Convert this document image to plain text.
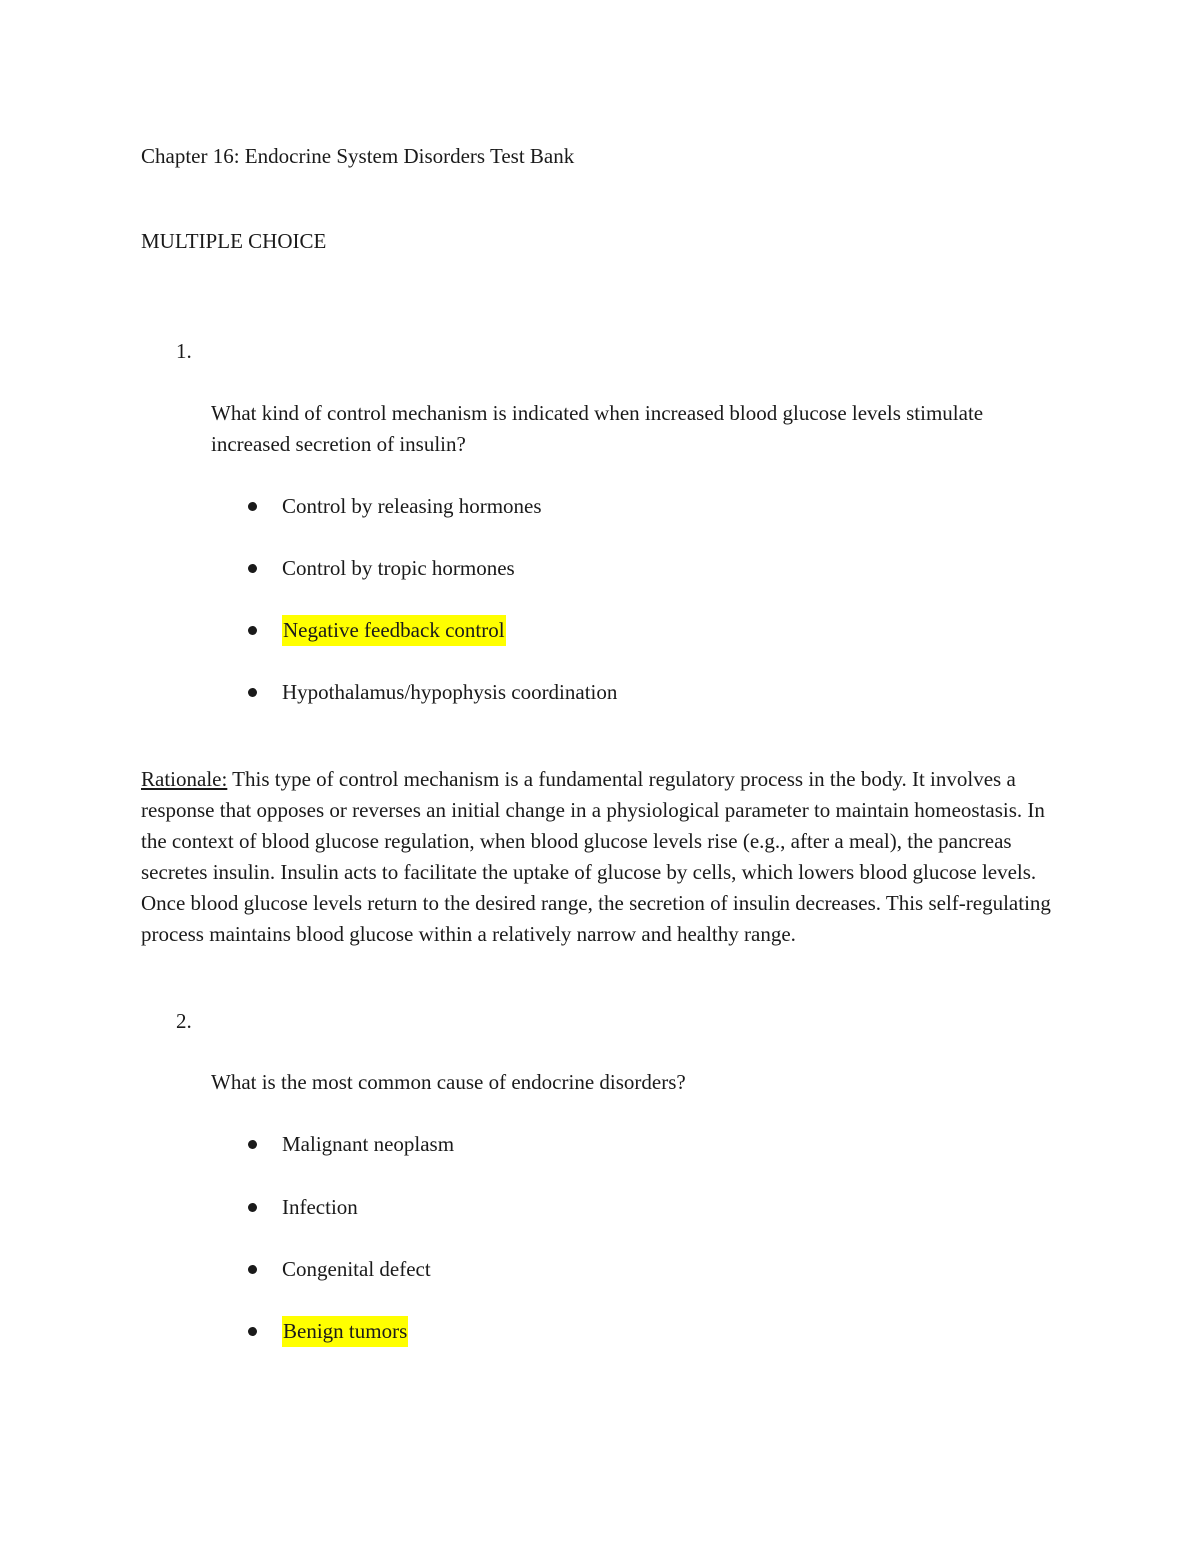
Chapter 16: Endocrine System Disorders Test Bank
MULTIPLE CHOICE
1.
What kind of control mechanism is indicated when increased blood glucose levels stimulate increased secretion of insulin?
Control by releasing hormones
Control by tropic hormones
Negative feedback control
Hypothalamus/hypophysis coordination
Rationale: This type of control mechanism is a fundamental regulatory process in the body. It involves a response that opposes or reverses an initial change in a physiological parameter to maintain homeostasis. In the context of blood glucose regulation, when blood glucose levels rise (e.g., after a meal), the pancreas secretes insulin. Insulin acts to facilitate the uptake of glucose by cells, which lowers blood glucose levels. Once blood glucose levels return to the desired range, the secretion of insulin decreases. This self-regulating process maintains blood glucose within a relatively narrow and healthy range.
2.
What is the most common cause of endocrine disorders?
Malignant neoplasm
Infection
Congenital defect
Benign tumors
